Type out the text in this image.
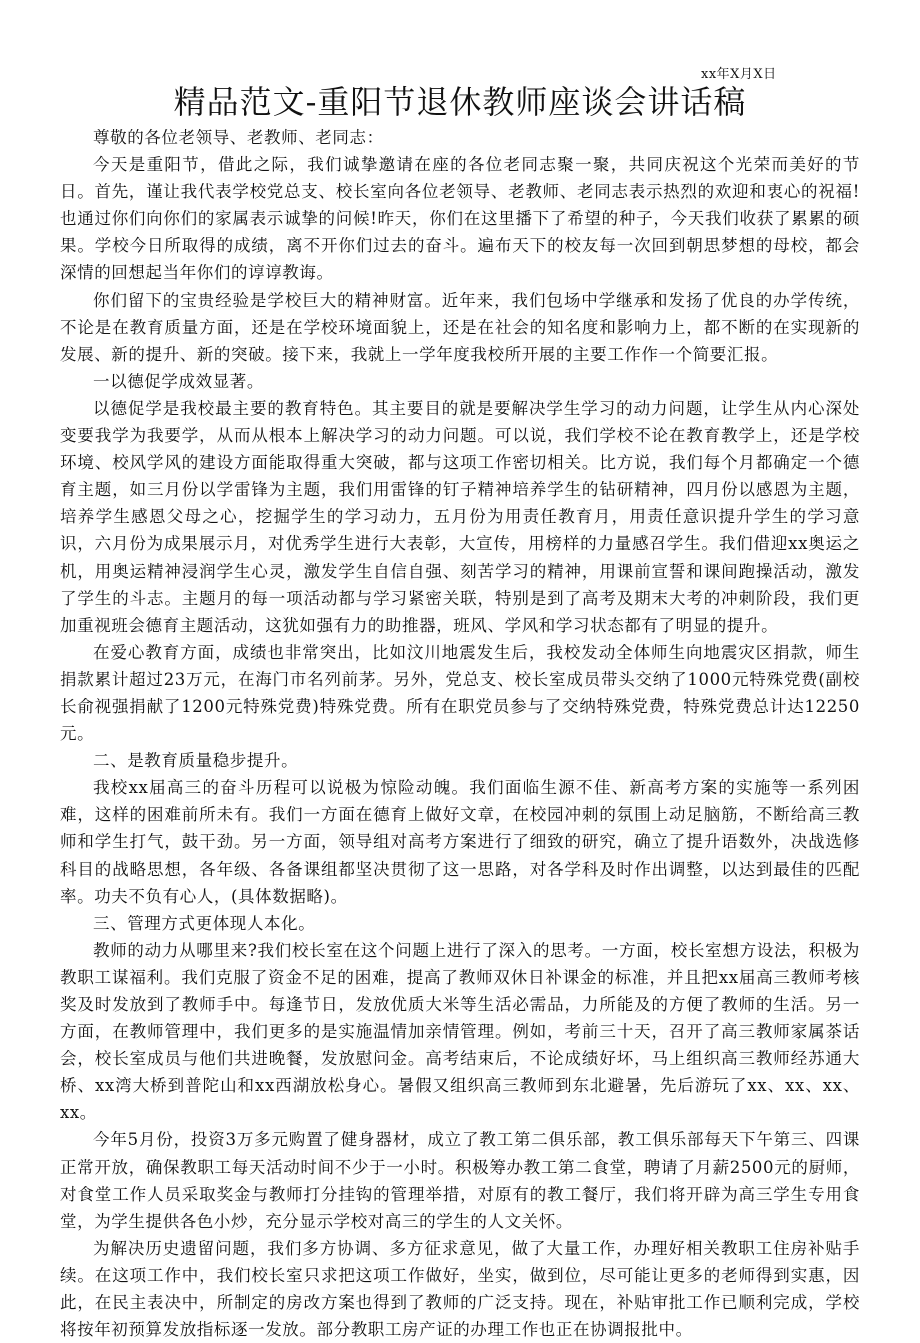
xx年X月X日
精品范文-重阳节退休教师座谈会讲话稿

尊敬的各位老领导、老教师、老同志：

今天是重阳节，借此之际，我们诚挚邀请在座的各位老同志聚一聚，共同庆祝这个光荣而美好的节日。首先，谨让我代表学校党总支、校长室向各位老领导、老教师、老同志表示热烈的欢迎和衷心的祝福!也通过你们向你们的家属表示诚挚的问候!昨天，你们在这里播下了希望的种子，今天我们收获了累累的硕果。学校今日所取得的成绩，离不开你们过去的奋斗。遍布天下的校友每一次回到朝思梦想的母校，都会深情的回想起当年你们的谆谆教诲。

你们留下的宝贵经验是学校巨大的精神财富。近年来，我们包场中学继承和发扬了优良的办学传统，不论是在教育质量方面，还是在学校环境面貌上，还是在社会的知名度和影响力上，都不断的在实现新的发展、新的提升、新的突破。接下来，我就上一学年度我校所开展的主要工作作一个简要汇报。

一以德促学成效显著。

以德促学是我校最主要的教育特色。其主要目的就是要解决学生学习的动力问题，让学生从内心深处变要我学为我要学，从而从根本上解决学习的动力问题。可以说，我们学校不论在教育教学上，还是学校环境、校风学风的建设方面能取得重大突破，都与这项工作密切相关。比方说，我们每个月都确定一个德育主题，如三月份以学雷锋为主题，我们用雷锋的钉子精神培养学生的钻研精神，四月份以感恩为主题，培养学生感恩父母之心，挖掘学生的学习动力，五月份为用责任教育月，用责任意识提升学生的学习意识，六月份为成果展示月，对优秀学生进行大表彰，大宣传，用榜样的力量感召学生。我们借迎xx奥运之机，用奥运精神浸润学生心灵，激发学生自信自强、刻苦学习的精神，用课前宣誓和课间跑操活动，激发了学生的斗志。主题月的每一项活动都与学习紧密关联，特别是到了高考及期末大考的冲刺阶段，我们更加重视班会德育主题活动，这犹如强有力的助推器，班风、学风和学习状态都有了明显的提升。

在爱心教育方面，成绩也非常突出，比如汶川地震发生后，我校发动全体师生向地震灾区捐款，师生捐款累计超过23万元，在海门市名列前茅。另外，党总支、校长室成员带头交纳了1000元特殊党费(副校长俞视强捐献了1200元特殊党费)特殊党费。所有在职党员参与了交纳特殊党费，特殊党费总计达12250元。

二、是教育质量稳步提升。

我校xx届高三的奋斗历程可以说极为惊险动魄。我们面临生源不佳、新高考方案的实施等一系列困难，这样的困难前所未有。我们一方面在德育上做好文章，在校园冲刺的氛围上动足脑筋，不断给高三教师和学生打气，鼓干劲。另一方面，领导组对高考方案进行了细致的研究，确立了提升语数外，决战选修科目的战略思想，各年级、各备课组都坚决贯彻了这一思路，对各学科及时作出调整，以达到最佳的匹配率。功夫不负有心人，(具体数据略)。

三、管理方式更体现人本化。

教师的动力从哪里来?我们校长室在这个问题上进行了深入的思考。一方面，校长室想方设法，积极为教职工谋福利。我们克服了资金不足的困难，提高了教师双休日补课金的标准，并且把xx届高三教师考核奖及时发放到了教师手中。每逢节日，发放优质大米等生活必需品，力所能及的方便了教师的生活。另一方面，在教师管理中，我们更多的是实施温情加亲情管理。例如，考前三十天，召开了高三教师家属茶话会，校长室成员与他们共进晚餐，发放慰问金。高考结束后，不论成绩好坏，马上组织高三教师经苏通大桥、xx湾大桥到普陀山和xx西湖放松身心。暑假又组织高三教师到东北避暑，先后游玩了xx、xx、xx、xx。

今年5月份，投资3万多元购置了健身器材，成立了教工第二俱乐部，教工俱乐部每天下午第三、四课正常开放，确保教职工每天活动时间不少于一小时。积极筹办教工第二食堂，聘请了月薪2500元的厨师，对食堂工作人员采取奖金与教师打分挂钩的管理举措，对原有的教工餐厅，我们将开辟为高三学生专用食堂，为学生提供各色小炒，充分显示学校对高三的学生的人文关怀。

为解决历史遗留问题，我们多方协调、多方征求意见，做了大量工作，办理好相关教职工住房补贴手续。在这项工作中，我们校长室只求把这项工作做好，坐实，做到位，尽可能让更多的老师得到实惠，因此，在民主表决中，所制定的房改方案也得到了教师的广泛支持。现在，补贴审批工作已顺利完成，学校将按年初预算发放指标逐一发放。部分教职工房产证的办理工作也正在协调报批中。
